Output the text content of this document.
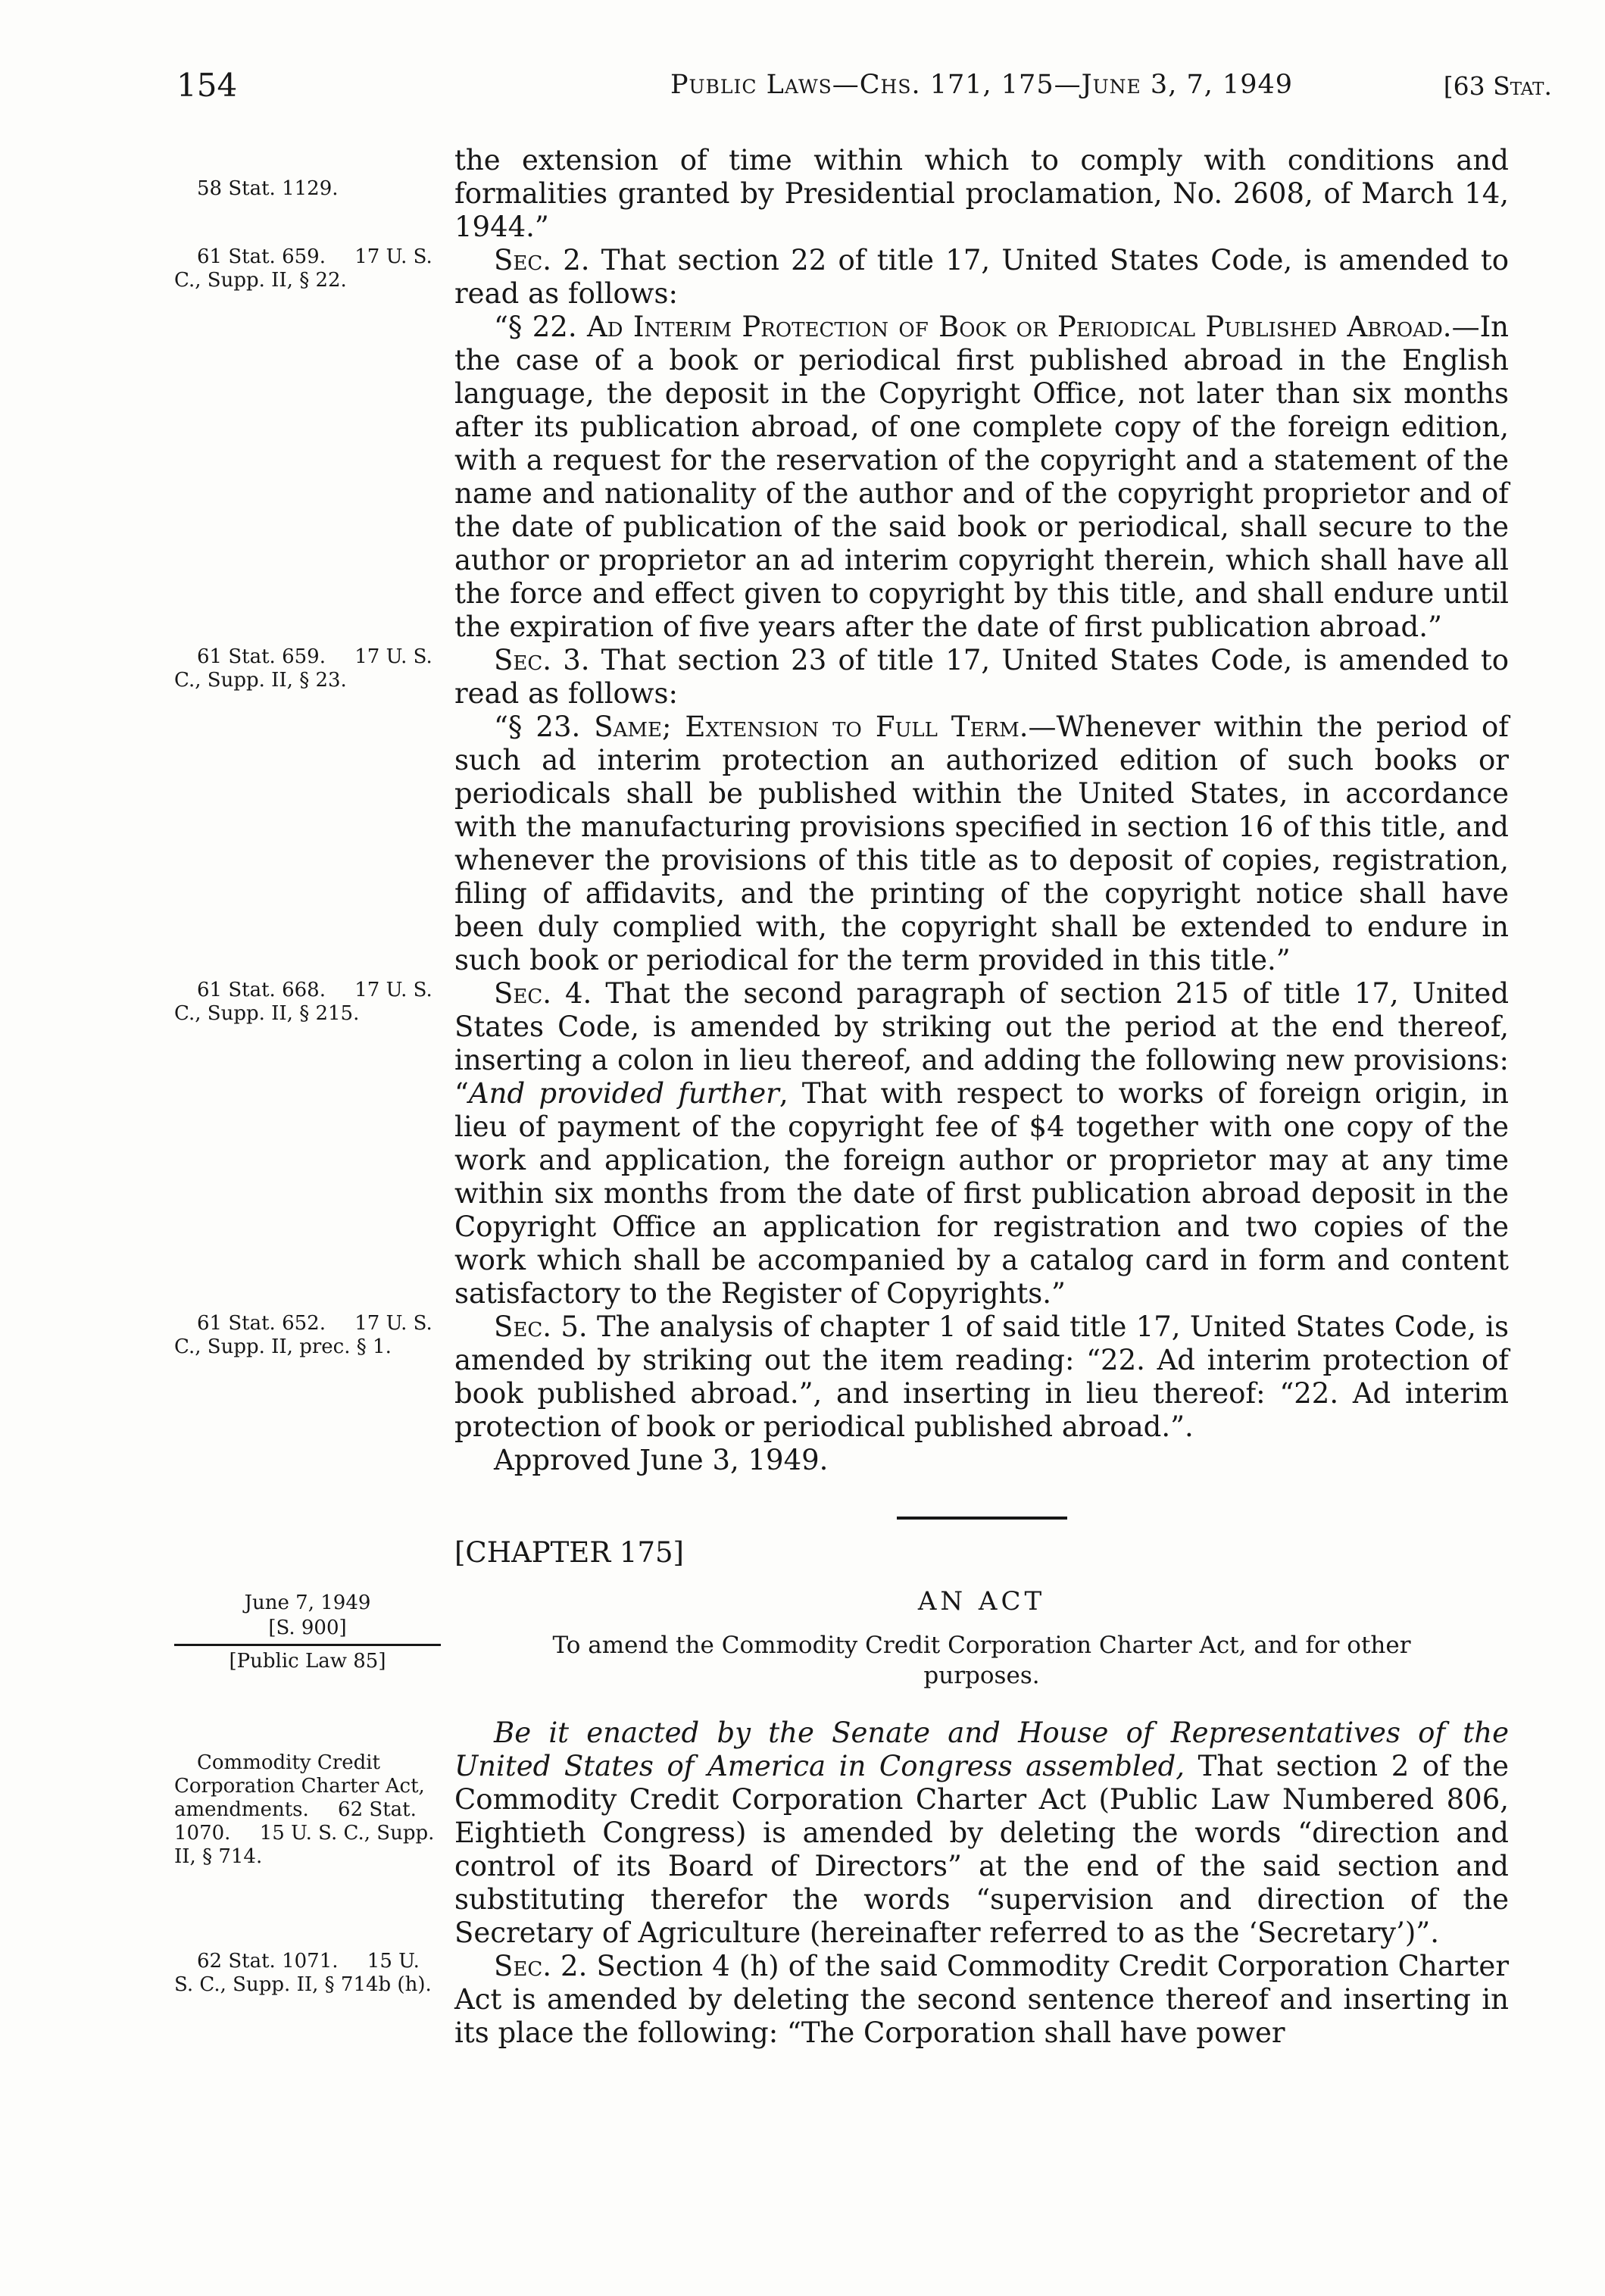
154	Public Laws—Chs. 171, 175—June 3, 7, 1949	[63 Stat.

58 Stat. 1129.
the extension of time within which to comply with conditions and formalities granted by Presidential proclamation, No. 2608, of March 14, 1944.”

61 Stat. 659. 17 U. S. C., Supp. II, § 22.
Sec. 2. That section 22 of title 17, United States Code, is amended to read as follows:

“§ 22. Ad Interim Protection of Book or Periodical Published Abroad.—In the case of a book or periodical first published abroad in the English language, the deposit in the Copyright Office, not later than six months after its publication abroad, of one complete copy of the foreign edition, with a request for the reservation of the copyright and a statement of the name and nationality of the author and of the copyright proprietor and of the date of publication of the said book or periodical, shall secure to the author or proprietor an ad interim copyright therein, which shall have all the force and effect given to copyright by this title, and shall endure until the expiration of five years after the date of first publication abroad.”

61 Stat. 659. 17 U. S. C., Supp. II, § 23.
Sec. 3. That section 23 of title 17, United States Code, is amended to read as follows:

“§ 23. Same; Extension to Full Term.—Whenever within the period of such ad interim protection an authorized edition of such books or periodicals shall be published within the United States, in accordance with the manufacturing provisions specified in section 16 of this title, and whenever the provisions of this title as to deposit of copies, registration, filing of affidavits, and the printing of the copyright notice shall have been duly complied with, the copyright shall be extended to endure in such book or periodical for the term provided in this title.”

61 Stat. 668. 17 U. S. C., Supp. II, § 215.
Sec. 4. That the second paragraph of section 215 of title 17, United States Code, is amended by striking out the period at the end thereof, inserting a colon in lieu thereof, and adding the following new provisions: “And provided further, That with respect to works of foreign origin, in lieu of payment of the copyright fee of $4 together with one copy of the work and application, the foreign author or proprietor may at any time within six months from the date of first publication abroad deposit in the Copyright Office an application for registration and two copies of the work which shall be accompanied by a catalog card in form and content satisfactory to the Register of Copyrights.”

61 Stat. 652. 17 U. S. C., Supp. II, prec. § 1.
Sec. 5. The analysis of chapter 1 of said title 17, United States Code, is amended by striking out the item reading: “22. Ad interim protection of book published abroad.”, and inserting in lieu thereof: “22. Ad interim protection of book or periodical published abroad.”.

Approved June 3, 1949.

[CHAPTER 175]
AN ACT
To amend the Commodity Credit Corporation Charter Act, and for other
purposes.
June 7, 1949
[S. 900]
[Public Law 85]

Commodity Credit Corporation Charter Act, amendments. 62 Stat. 1070. 15 U. S. C., Supp. II, § 714.
Be it enacted by the Senate and House of Representatives of the United States of America in Congress assembled, That section 2 of the Commodity Credit Corporation Charter Act (Public Law Numbered 806, Eightieth Congress) is amended by deleting the words “direction and control of its Board of Directors” at the end of the said section and substituting therefor the words “supervision and direction of the Secretary of Agriculture (hereinafter referred to as the ‘Secretary’)”.

62 Stat. 1071. 15 U. S. C., Supp. II, § 714b (h).
Sec. 2. Section 4 (h) of the said Commodity Credit Corporation Charter Act is amended by deleting the second sentence thereof and inserting in its place the following: “The Corporation shall have power
